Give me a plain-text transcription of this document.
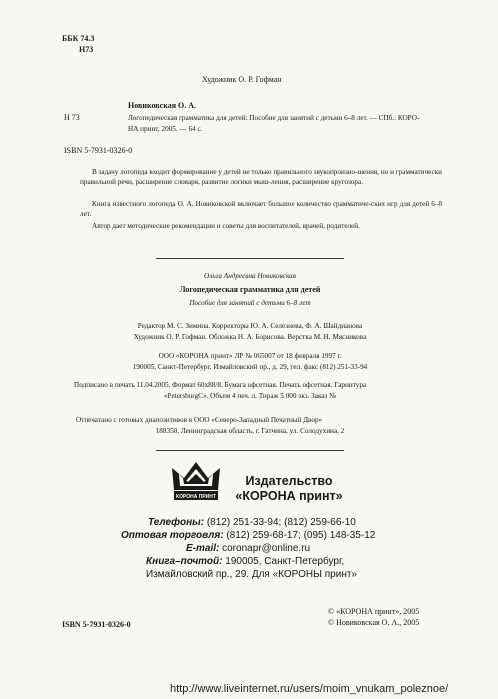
ББК 74.3
Н73
Художник О. Р. Гофман
Новиковская О. А.
Н 73	Логопедическая грамматика для детей: Пособие для занятий с детьми 6–8 лет. — СПб.: КОРО-
НА принт, 2005. — 64 с.
ISBN 5-7931-0326-0
В задачу логопеда входит формирование у детей не только правильного звукопроизно-шения, но и грамматически правильной речи, расширение словаря, развитие логики мыш-ления, расширение кругозора.
Книга известного логопеда О. А. Новиковской включает большое количество грамматиче-ских игр для детей 6–8 лет.
Автор дает методические рекомендации и советы для воспитателей, врачей, родителей.
Ольга Андреевна Новиковская
Логопедическая грамматика для детей
Пособие для занятий с детьми 6–8 лет
Редактор М. С. Зимина. Корректоры Ю. А. Селезнева, Ф. А. Шайдианова
Художник О. Р. Гофман. Обложка Н. А. Борисова. Верстка М. Н. Мясникова
ООО «КОРОНА принт» ЛР № 065007 от 18 февраля 1997 г.
190005, Санкт-Петербург, Измайловский пр., д. 29, тел. факс (812) 251-33-94
Подписано в печать 11.04.2005. Формат 60х88/8. Бумага офсетная. Печать офсетная. Гарнитура
«PetersburgC». Объем 4 печ. л. Тираж 5 000 экз. Заказ №
Отпечатано с готовых диапозитивов в ООО «Северо-Западный Печатный Двор»
188350, Ленинградская область, г. Гатчина, ул. Солодухина, 2
КОРОНА ПРИНТ
Издательство
«КОРОНА принт»
Телефоны: (812) 251-33-94; (812) 259-66-10
Оптовая торговля: (812) 259-68-17; (095) 148-35-12
E-mail: coronapr@online.ru
Книга–почтой: 190005, Санкт-Петербург,
Измайловский пр., 29. Для «КОРОНЫ принт»
ISBN 5-7931-0326-0
© «КОРОНА принт», 2005
© Новиковская О. А., 2005
http://www.liveinternet.ru/users/moim_vnukam_poleznoe/
